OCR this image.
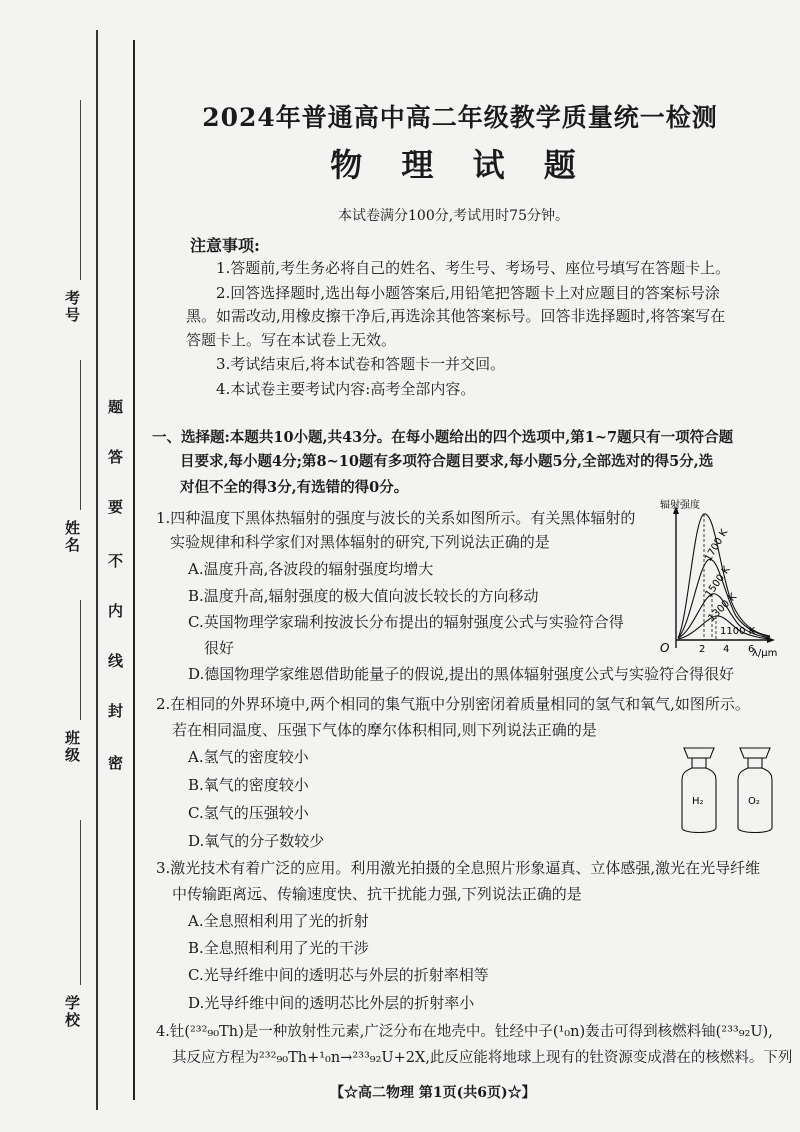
考号
姓名
班级
学校
题
答
要
不
内
线
封
密
2024年普通高中高二年级教学质量统一检测
物 理 试 题
本试卷满分100分,考试用时75分钟。
注意事项:
1.答题前,考生务必将自己的姓名、考生号、考场号、座位号填写在答题卡上。
2.回答选择题时,选出每小题答案后,用铅笔把答题卡上对应题目的答案标号涂
黑。如需改动,用橡皮擦干净后,再选涂其他答案标号。回答非选择题时,将答案写在
答题卡上。写在本试卷上无效。
3.考试结束后,将本试卷和答题卡一并交回。
4.本试卷主要考试内容:高考全部内容。
一、选择题:本题共10小题,共43分。在每小题给出的四个选项中,第1~7题只有一项符合题
目要求,每小题4分;第8~10题有多项符合题目要求,每小题5分,全部选对的得5分,选
对但不全的得3分,有选错的得0分。
1.四种温度下黑体热辐射的强度与波长的关系如图所示。有关黑体辐射的
实验规律和科学家们对黑体辐射的研究,下列说法正确的是
A.温度升高,各波段的辐射强度均增大
B.温度升高,辐射强度的极大值向波长较长的方向移动
C.英国物理学家瑞利按波长分布提出的辐射强度公式与实验符合得
很好
D.德国物理学家维恩借助能量子的假说,提出的黑体辐射强度公式与实验符合得很好
辐射强度
λ/μm
O	2 4 6
1700 K
1500 K
1300 K
1100 K
2.在相同的外界环境中,两个相同的集气瓶中分别密闭着质量相同的氢气和氧气,如图所示。
若在相同温度、压强下气体的摩尔体积相同,则下列说法正确的是
A.氢气的密度较小
B.氧气的密度较小
C.氢气的压强较小
D.氧气的分子数较少
H₂	O₂
3.激光技术有着广泛的应用。利用激光拍摄的全息照片形象逼真、立体感强,激光在光导纤维
中传输距离远、传输速度快、抗干扰能力强,下列说法正确的是
A.全息照相利用了光的折射
B.全息照相利用了光的干涉
C.光导纤维中间的透明芯与外层的折射率相等
D.光导纤维中间的透明芯比外层的折射率小
4.钍(²³²₉₀Th)是一种放射性元素,广泛分布在地壳中。钍经中子(¹₀n)轰击可得到核燃料铀(²³³₉₂U),
其反应方程为²³²₉₀Th+¹₀n→²³³₉₂U+2X,此反应能将地球上现有的钍资源变成潜在的核燃料。下列
【☆高二物理 第1页(共6页)☆】
